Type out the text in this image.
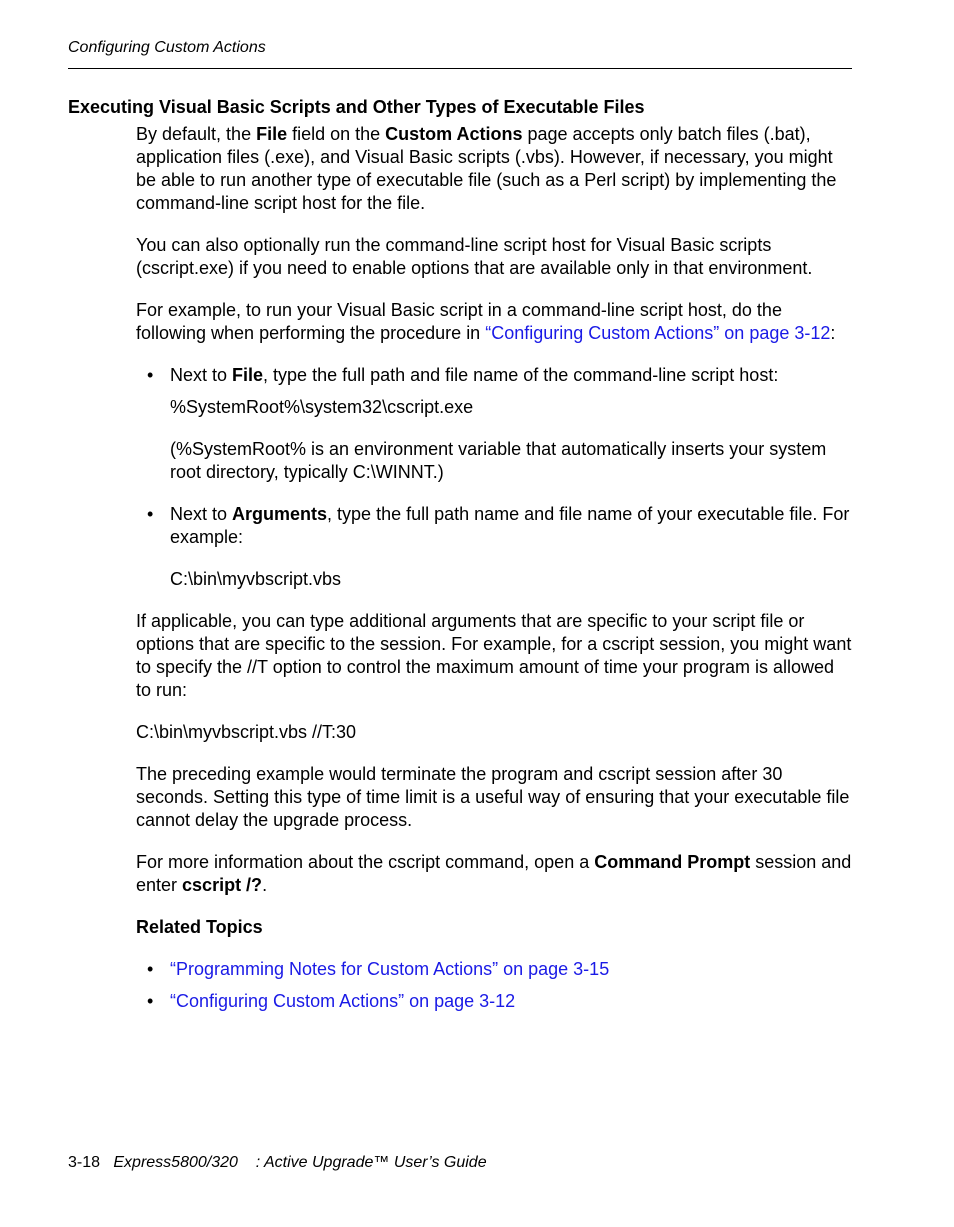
Configuring Custom Actions
Executing Visual Basic Scripts and Other Types of Executable Files

By default, the File field on the Custom Actions page accepts only batch files (.bat), application files (.exe), and Visual Basic scripts (.vbs). However, if necessary, you might be able to run another type of executable file (such as a Perl script) by implementing the command-line script host for the file.

You can also optionally run the command-line script host for Visual Basic scripts (cscript.exe) if you need to enable options that are available only in that environment.

For example, to run your Visual Basic script in a command-line script host, do the following when performing the procedure in “Configuring Custom Actions” on page 3-12:

• Next to File, type the full path and file name of the command-line script host:

%SystemRoot%\system32\cscript.exe

(%SystemRoot% is an environment variable that automatically inserts your system root directory, typically C:\WINNT.)

• Next to Arguments, type the full path name and file name of your executable file. For example:

C:\bin\myvbscript.vbs

If applicable, you can type additional arguments that are specific to your script file or options that are specific to the session. For example, for a cscript session, you might want to specify the //T option to control the maximum amount of time your program is allowed to run:

C:\bin\myvbscript.vbs //T:30

The preceding example would terminate the program and cscript session after 30 seconds. Setting this type of time limit is a useful way of ensuring that your executable file cannot delay the upgrade process.

For more information about the cscript command, open a Command Prompt session and enter cscript /?.

Related Topics
• “Programming Notes for Custom Actions” on page 3-15
• “Configuring Custom Actions” on page 3-12
3-18 Express5800/320 : Active Upgrade™ User’s Guide
